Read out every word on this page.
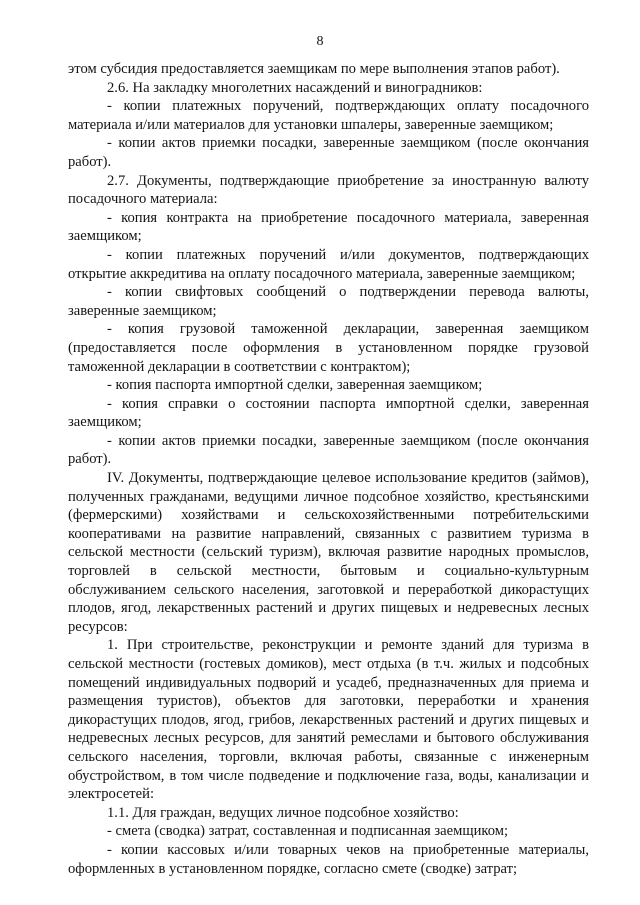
8

этом субсидия предоставляется заемщикам по мере выполнения этапов работ).

2.6. На закладку многолетних насаждений и виноградников:

- копии платежных поручений, подтверждающих оплату посадочного материала и/или материалов для установки шпалеры, заверенные заемщиком;

- копии актов приемки посадки, заверенные заемщиком (после окончания работ).

2.7. Документы, подтверждающие приобретение за иностранную валюту посадочного материала:

- копия контракта на приобретение посадочного материала, заверенная заемщиком;

- копии платежных поручений и/или документов, подтверждающих открытие аккредитива на оплату посадочного материала, заверенные заемщиком;

- копии свифтовых сообщений о подтверждении перевода валюты, заверенные заемщиком;

- копия грузовой таможенной декларации, заверенная заемщиком (предоставляется после оформления в установленном порядке грузовой таможенной декларации в соответствии с контрактом);

- копия паспорта импортной сделки, заверенная заемщиком;

- копия справки о состоянии паспорта импортной сделки, заверенная заемщиком;

- копии актов приемки посадки, заверенные заемщиком (после окончания работ).

IV. Документы, подтверждающие целевое использование кредитов (займов), полученных гражданами, ведущими личное подсобное хозяйство, крестьянскими (фермерскими) хозяйствами и сельскохозяйственными потребительскими кооперативами на развитие направлений, связанных с развитием туризма в сельской местности (сельский туризм), включая развитие народных промыслов, торговлей в сельской местности, бытовым и социально-культурным обслуживанием сельского населения, заготовкой и переработкой дикорастущих плодов, ягод, лекарственных растений и других пищевых и недревесных лесных ресурсов:

1. При строительстве, реконструкции и ремонте зданий для туризма в сельской местности (гостевых домиков), мест отдыха (в т.ч. жилых и подсобных помещений индивидуальных подворий и усадеб, предназначенных для приема и размещения туристов), объектов для заготовки, переработки и хранения дикорастущих плодов, ягод, грибов, лекарственных растений и других пищевых и недревесных лесных ресурсов, для занятий ремеслами и бытового обслуживания сельского населения, торговли, включая работы, связанные с инженерным обустройством, в том числе подведение и подключение газа, воды, канализации и электросетей:

1.1. Для граждан, ведущих личное подсобное хозяйство:

- смета (сводка) затрат, составленная и подписанная заемщиком;

- копии кассовых и/или товарных чеков на приобретенные материалы, оформленных в установленном порядке, согласно смете (сводке) затрат;
